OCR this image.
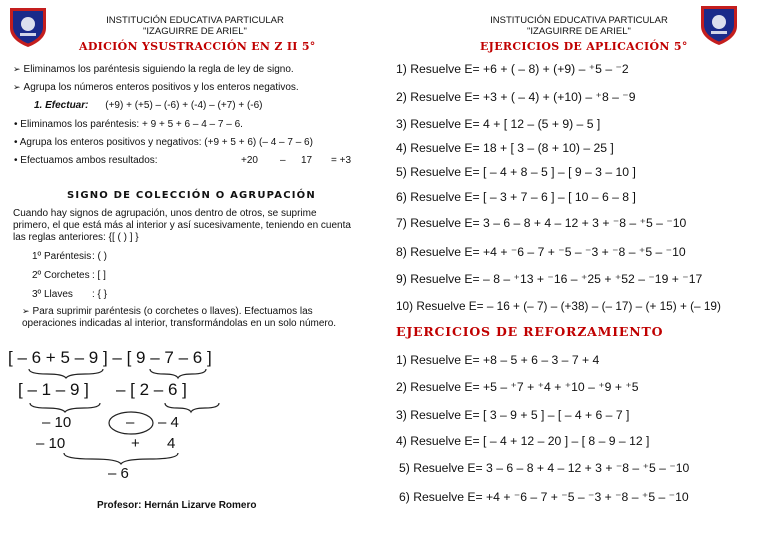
INSTITUCIÓN EDUCATIVA PARTICULAR
"IZAGUIRRE DE ARIEL"
ADICIÓN YSUSTRACCIÓN EN Z II 5°
➢ Eliminamos los paréntesis siguiendo la regla de ley de signo.
➢ Agrupa los números enteros positivos y los enteros negativos.
1. Efectuar: (+9) + (+5) – (-6) + (-4) – (+7) + (-6)
• Eliminamos los paréntesis: + 9 + 5 + 6 – 4 – 7 – 6.
• Agrupa los enteros positivos y negativos: (+9 + 5 + 6) (– 4 – 7 – 6)
• Efectuamos ambos resultados:	+20 – 17 = +3
SIGNO DE COLECCIÓN O AGRUPACIÓN
Cuando hay signos de agrupación, unos dentro de otros, se suprime primero, el que está más al interior y así sucesivamente, teniendo en cuenta las reglas anteriores: {[ ( ) ] }
1º Paréntesis: ( )
2º Corchetes : [ ]
3º Llaves : { }
➢ Para suprimir paréntesis (o corchetes o llaves). Efectuamos las operaciones indicadas al interior, transformándolas en un solo número.
[ – 6 + 5 – 9 ] – [ 9 – 7 – 6 ]
[ – 1 – 9 ] – [ 2 – 6 ]
– 10	– – 4
– 10	+ 4
– 6
Profesor: Hernán Lizarve Romero
INSTITUCIÓN EDUCATIVA PARTICULAR
"IZAGUIRRE DE ARIEL"
EJERCICIOS DE APLICACIÓN 5°
1) Resuelve E= +6 + ( – 8) + (+9) – ⁺5 – ⁻2
2) Resuelve E= +3 + ( – 4) + (+10) – ⁺8 – ⁻9
3) Resuelve E= 4 + [ 12 – (5 + 9) – 5 ]
4) Resuelve E= 18 + [ 3 – (8 + 10) – 25 ]
5) Resuelve E= [ – 4 + 8 – 5 ] – [ 9 – 3 – 10 ]
6) Resuelve E= [ – 3 + 7 – 6 ] – [ 10 – 6 – 8 ]
7) Resuelve E= 3 – 6 – 8 + 4 – 12 + 3 + ⁻8 – ⁺5 – ⁻10
8) Resuelve E= +4 + ⁻6 – 7 + ⁻5 – ⁻3 + ⁻8 – ⁺5 – ⁻10
9) Resuelve E= – 8 – ⁺13 + ⁻16 – ⁺25 + ⁺52 – ⁻19 + ⁻17
10) Resuelve E= – 16 + (– 7) – (+38) – (– 17) – (+ 15) + (– 19)
EJERCICIOS DE REFORZAMIENTO
1) Resuelve E= +8 – 5 + 6 – 3 – 7 + 4
2) Resuelve E= +5 – ⁺7 + ⁺4 + ⁺10 – ⁺9 + ⁺5
3) Resuelve E= [ 3 – 9 + 5 ] – [ – 4 + 6 – 7 ]
4) Resuelve E= [ – 4 + 12 – 20 ] – [ 8 – 9 – 12 ]
5) Resuelve E= 3 – 6 – 8 + 4 – 12 + 3 + ⁻8 – ⁺5 – ⁻10
6) Resuelve E= +4 + ⁻6 – 7 + ⁻5 – ⁻3 + ⁻8 – ⁺5 – ⁻10
